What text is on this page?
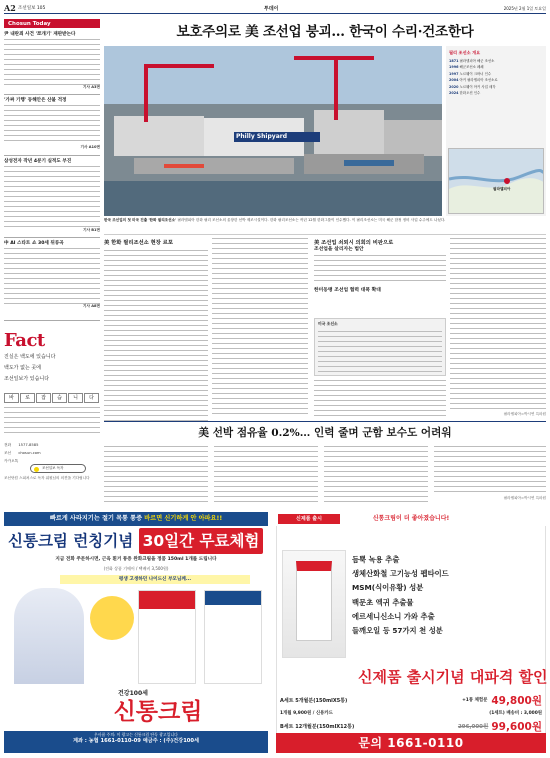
A2 조선일보 105	투데이	2025년 2월 1일 토요일
Chosun Today
尹 내란죄 사건 '쪼개기' 재판받는다
기사 A3면
'가짜 기행' 동해안은 산불 걱정
기사 A10면
삼성전자 작년 4분기 실적도 부진
기사 B1면
中 AI 스타트 쇼 30세 뒤류곡
기사 A8면
Fact
진실은 백도에 있습니다
백도가 없는 곳에
조선일보가 있습니다
바	로	잡	습	니	다
전화 1577-8585
조선 chosun.com
카카오톡
조선일보 독자
조선닷컴 스피처스로 독자 위원님의 의견을 기다립니다
보호주의로 美 조선업 붕괴… 한국이 수리·건조한다
Philly Shipyard
필리 조선소 개요
1871 필라델피아 해군 조선소
1996 해군조선소 폐쇄
1997 노르웨이 크바너 인수
2004 아커 필라델피아 조선소로
2020 노르웨이 아커 사업 매각
2024 한화오션 인수
필라델피아
한국 조선업의 첫 미국 진출 '한화 필리조선소' 필라델피아 한화 필리 조선소의 울창한 선박 제조시설이다. 한화 필리조선소는 작년 12월 한화그룹이 인수했다. 이 필리조선소는 미국 해군 함정 정비 사업 수주에도 나섰다.
美 한화 필리조선소 현장 르포	美 조선업 쇠퇴시 의회의 비판으로
조선업을 살리자는 법안
한미동맹 조선업 협력 대폭 확대
미국 조선소
필라델피아=박시연 특파원
美 선박 점유율 0.2%… 인력 줄며 군함 보수도 어려워
필라델피아=박시연 특파원
빠르게 사라지기는 절기 목통 통증 바르면 신기하게 안 아파요!!
신통크림 런칭기념 30일간 무료체험
지금 전화 주문하시면, 근육 흰거 통증 완화크림을 정품 150ml 1개를 드립니다
(전화 상품 기에어 / 택배비 3,500원)
평생 고생하던 나이드신 부모님께...
건강100세
신통크림
우사품 주의: 이 광고는 신통크림 단독 광고입니다
계좌 : 농협 1661-0110-09 예금주 : (주)건강100세
신통크림이 더 좋아졌습니다!
신제품 출시
듬뿍 녹용 추출
생체산화철 고기능성 펩타이드
MSM(식이유황) 성분
백문초 엑귀 추출물
에르세니신소니 가와 추출
들깨오일 등 57가지 천 성분
신제품 출시기념 대파격 할인
A세트 5개월분(150mlX5통)	+1통 체험분 49,800원
1개월 9,900원 / 신용카드	(1세트) 배송비 : 3,000원
B세트 12개월분(150mlX12통)	296,000원 99,600원
문의 1661-0110
